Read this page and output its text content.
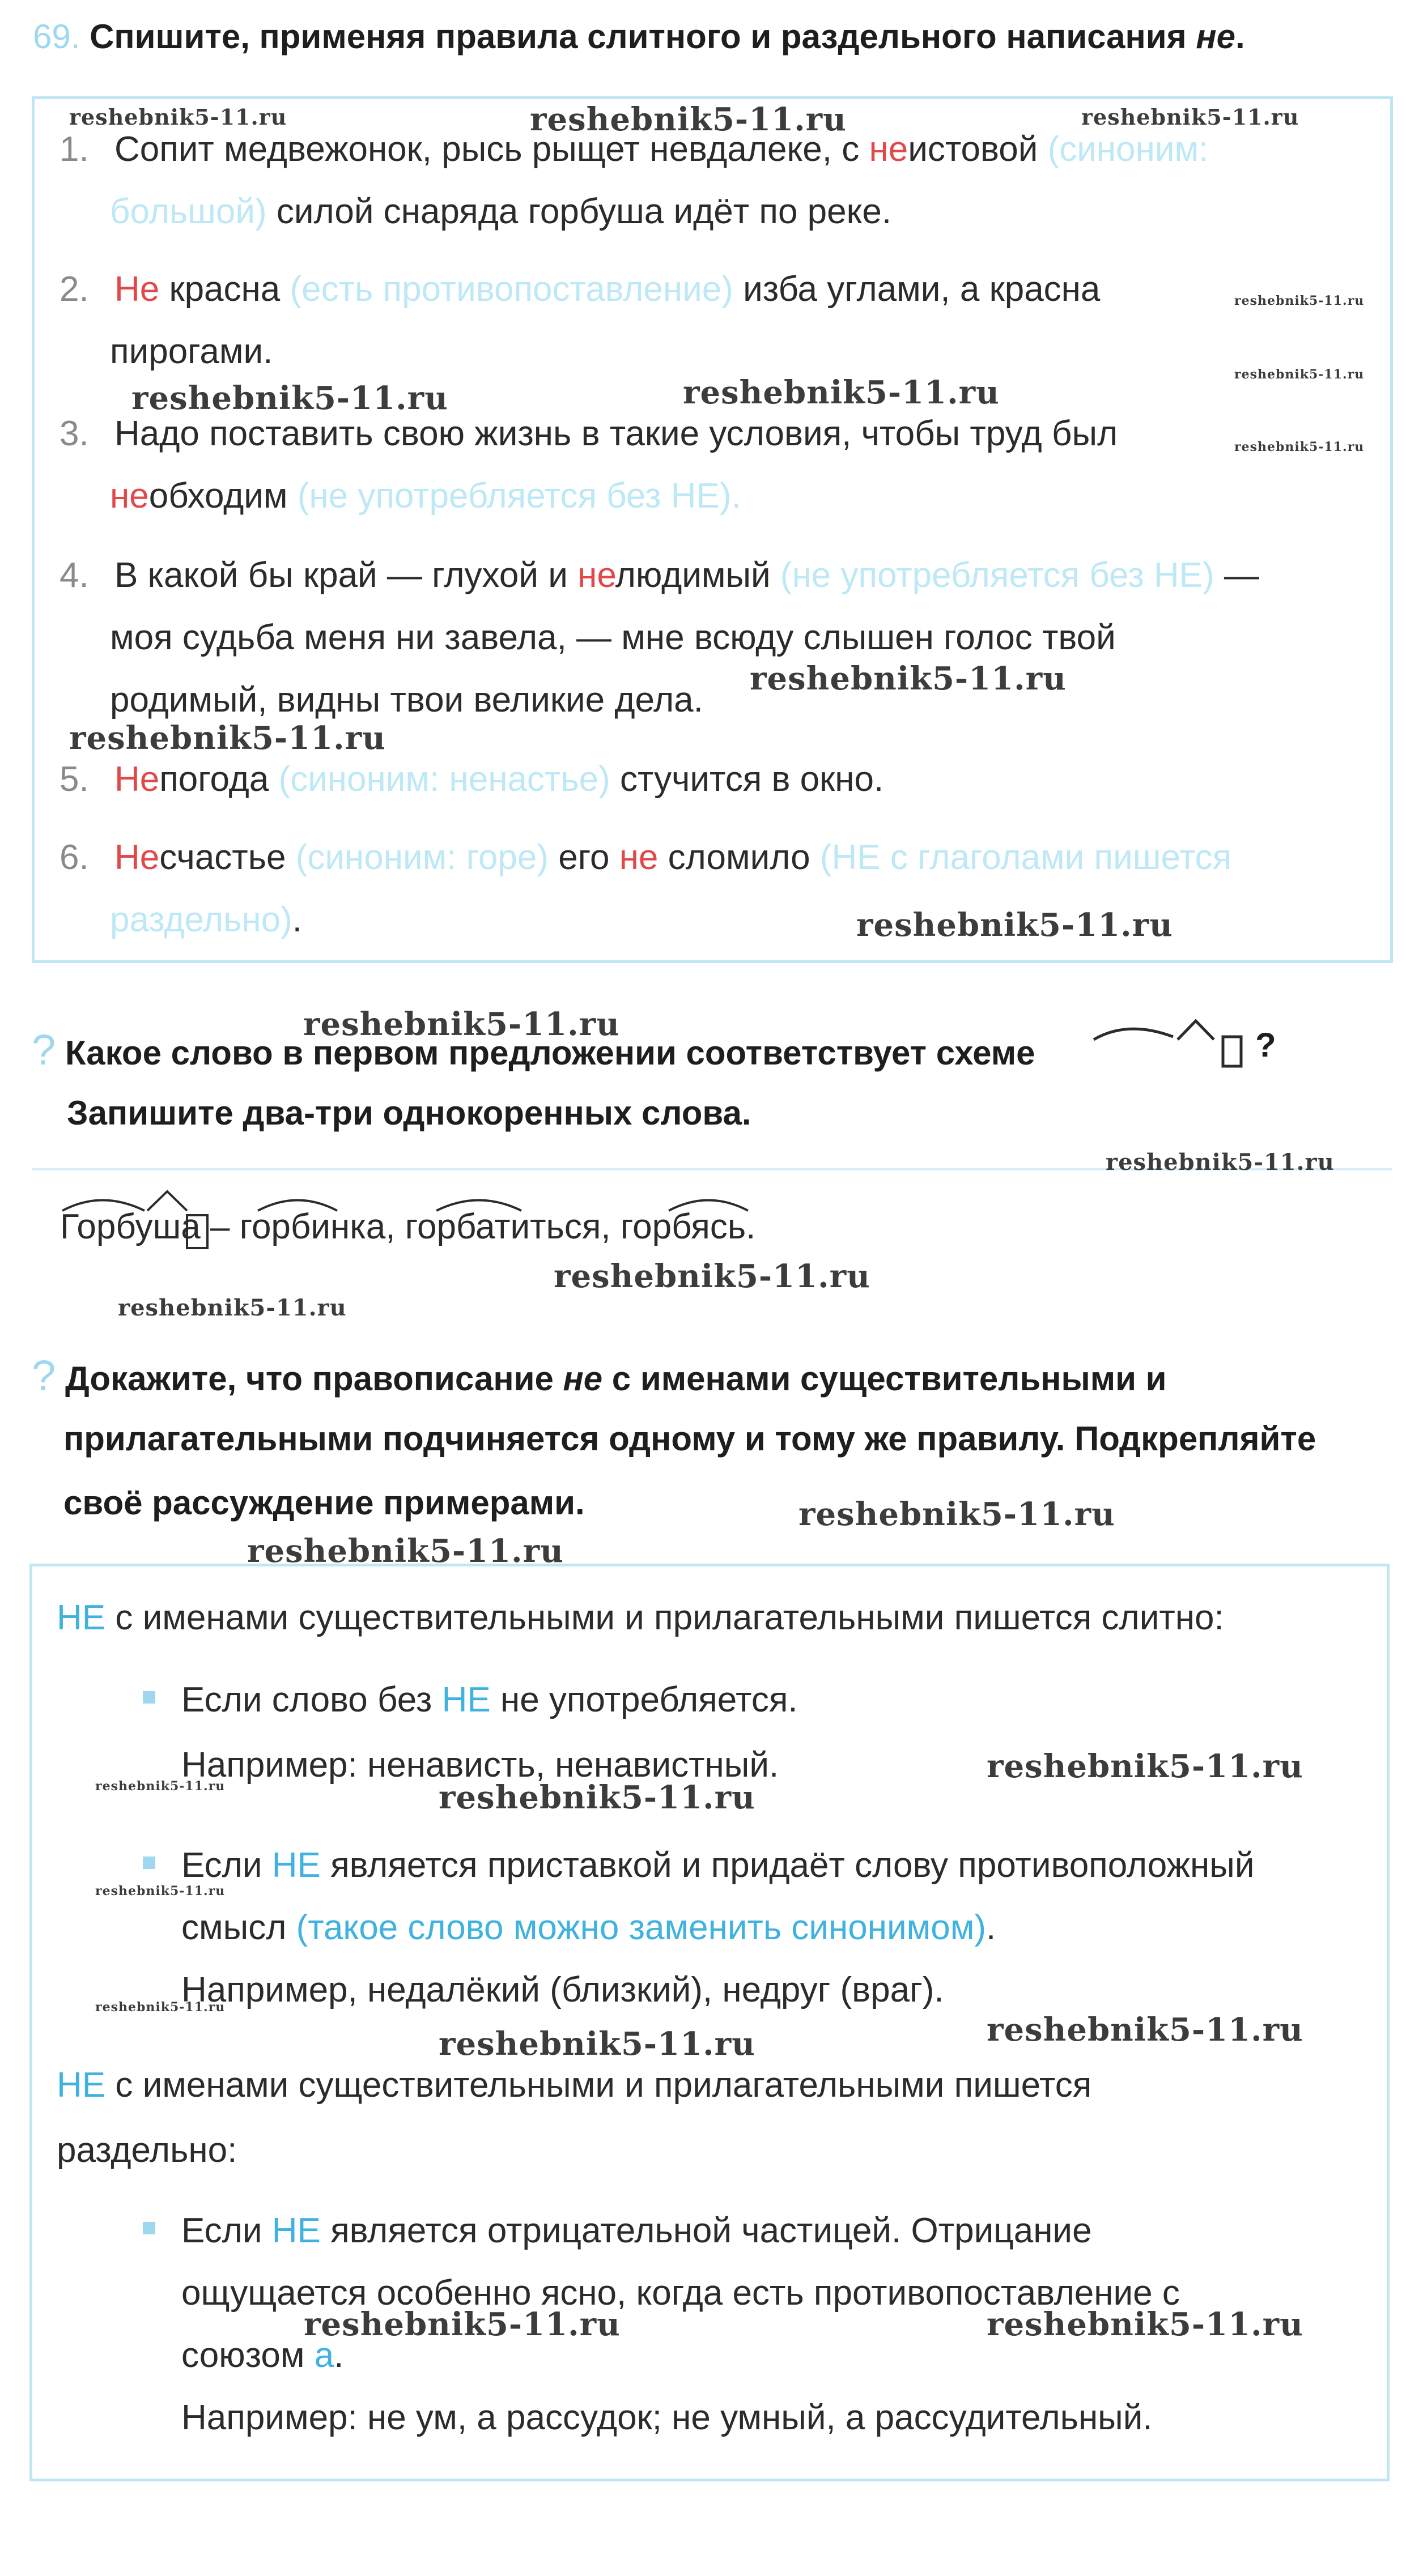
69. Спишите, применяя правила слитного и раздельного написания не.
1. Сопит медвежонок, рысь рыщет невдалеке, с неистовой (синоним:
большой) силой снаряда горбуша идёт по реке.
2. Не красна (есть противопоставление) изба углами, а красна
пирогами.
3. Надо поставить свою жизнь в такие условия, чтобы труд был
необходим (не употребляется без НЕ).
4. В какой бы край — глухой и нелюдимый (не употребляется без НЕ) —
моя судьба меня ни завела, — мне всюду слышен голос твой
родимый, видны твои великие дела.
5. Непогода (синоним: ненастье) стучится в окно.
6. Несчастье (синоним: горе) его не сломило (НЕ с глаголами пишется
раздельно).
? Какое слово в первом предложении соответствует схеме	?
Запишите два-три однокоренных слова.
Горбуша – горбинка, горбатиться, горбясь.
? Докажите, что правописание не с именами существительными и
прилагательными подчиняется одному и тому же правилу. Подкрепляйте
своё рассуждение примерами.
НЕ с именами существительными и прилагательными пишется слитно:
Если слово без НЕ не употребляется.
Например: ненависть, ненавистный.
Если НЕ является приставкой и придаёт слову противоположный
смысл (такое слово можно заменить синонимом).
Например, недалёкий (близкий), недруг (враг).
НЕ с именами существительными и прилагательными пишется
раздельно:
Если НЕ является отрицательной частицей. Отрицание
ощущается особенно ясно, когда есть противопоставление с
союзом а.
Например: не ум, а рассудок; не умный, а рассудительный.
reshebnik5-11.ru	reshebnik5-11.ru	reshebnik5-11.ru
reshebnik5-11.ru
reshebnik5-11.ru
reshebnik5-11.ru
reshebnik5-11.ru	reshebnik5-11.ru
reshebnik5-11.ru
reshebnik5-11.ru
reshebnik5-11.ru
reshebnik5-11.ru
reshebnik5-11.ru
reshebnik5-11.ru
reshebnik5-11.ru
reshebnik5-11.ru
reshebnik5-11.ru
reshebnik5-11.ru
reshebnik5-11.ru	reshebnik5-11.ru
reshebnik5-11.ru
reshebnik5-11.ru
reshebnik5-11.ru
reshebnik5-11.ru
reshebnik5-11.ru	reshebnik5-11.ru
